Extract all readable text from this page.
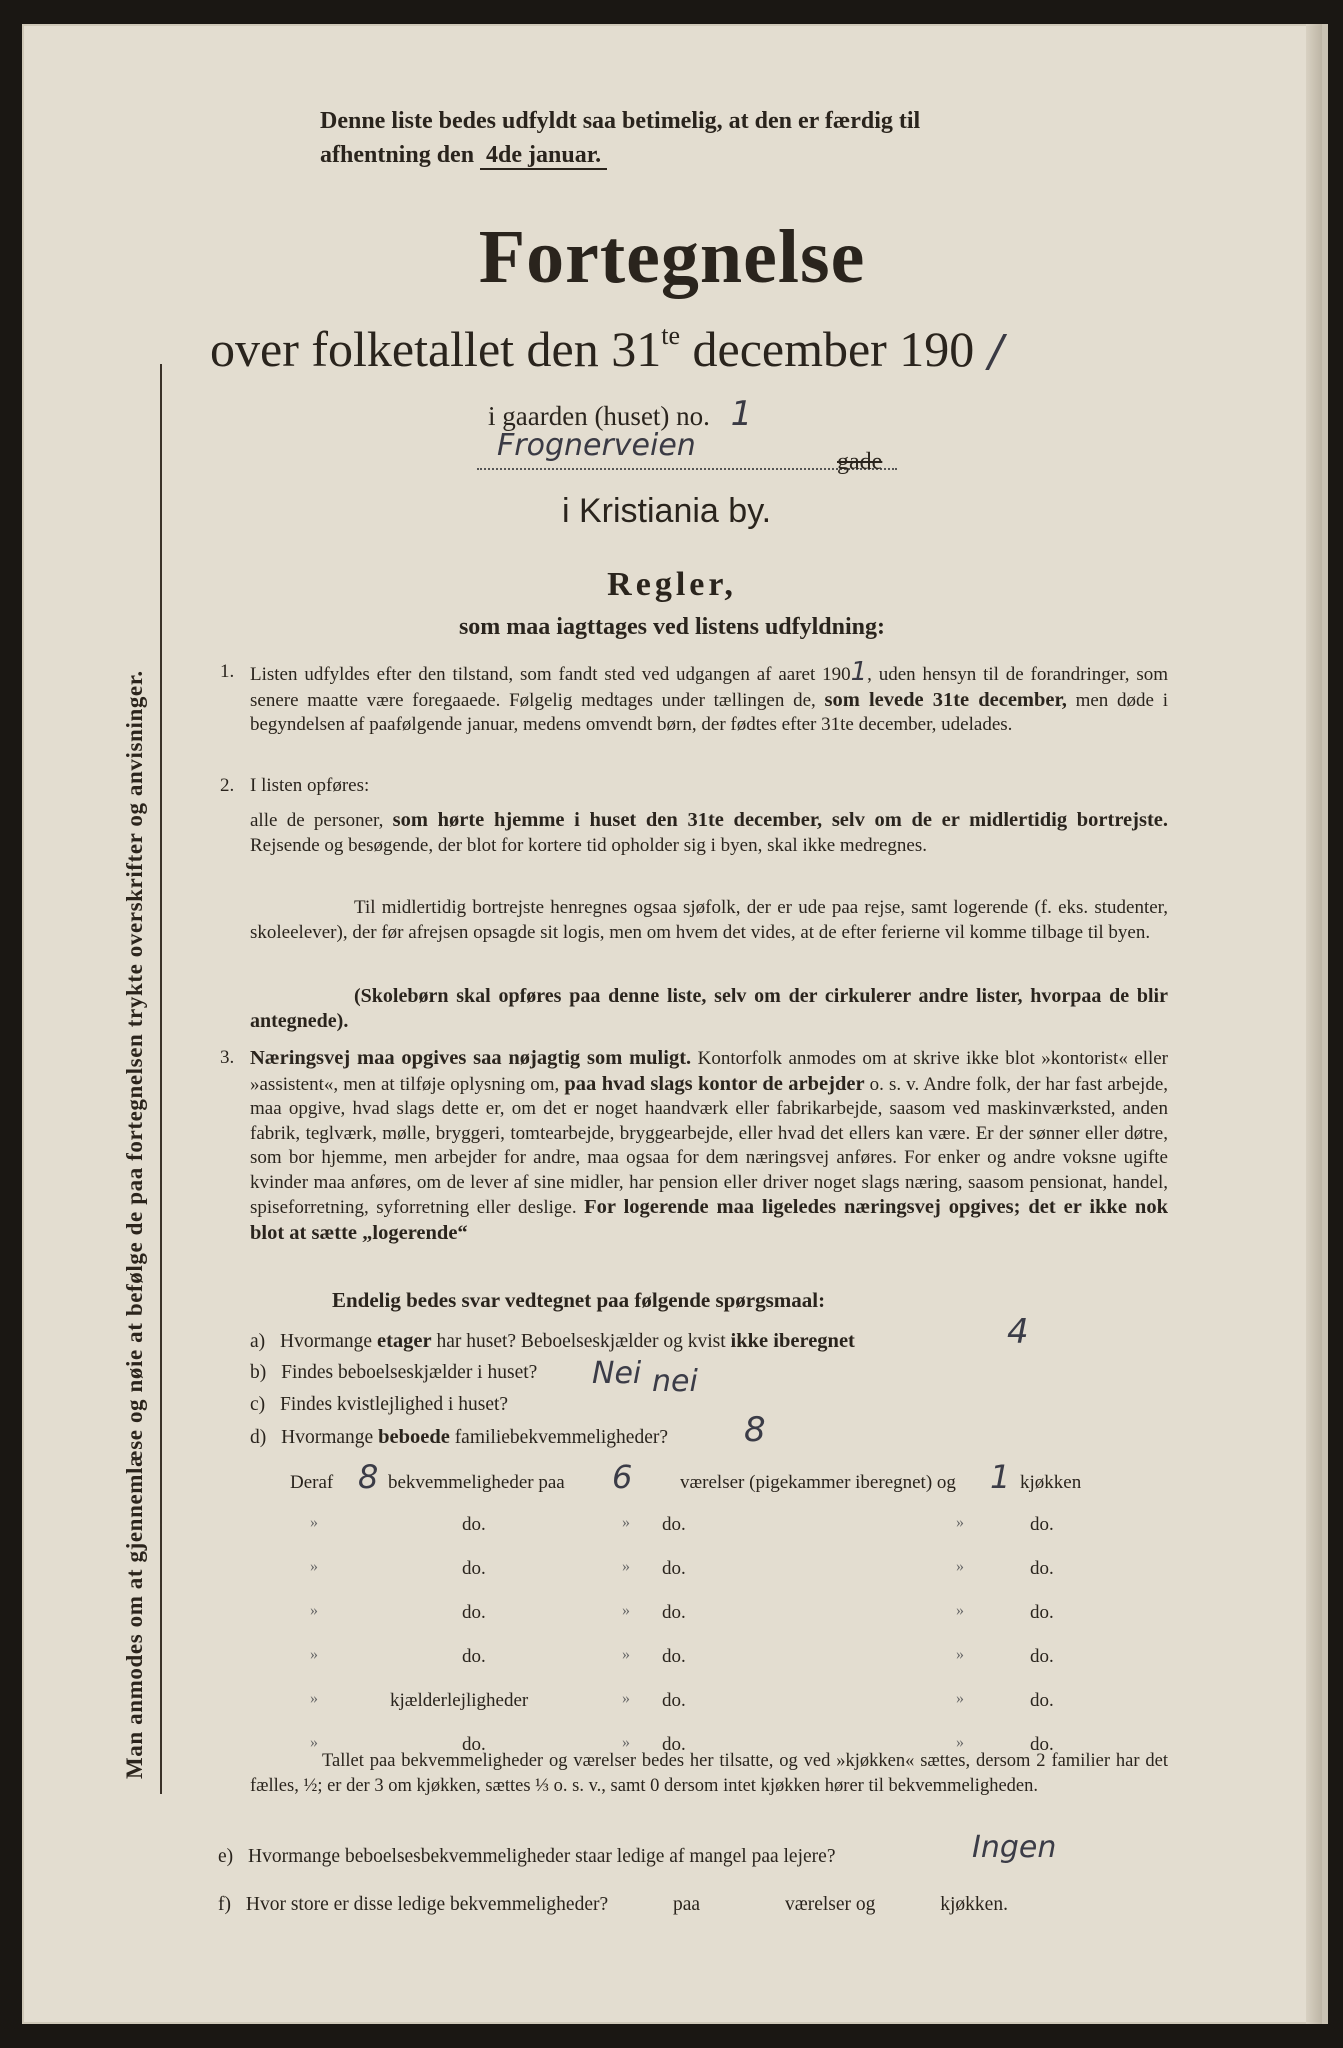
Man anmodes om at gjennemlæse og nøie at befølge de paa fortegnelsen trykte overskrifter og anvisninger.
Denne liste bedes udfyldt saa betimelig, at den er færdig til
afhentning den 4de januar.
Fortegnelse
over folketallet den $31^{te}$ december 190 /
i gaarden (huset) no. 1
Frognerveien	gade
i Kristiania by.
Regler,
som maa iagttages ved listens udfyldning:
1. Listen udfyldes efter den tilstand, som fandt sted ved udgangen af aaret 1901, uden hensyn til de forandringer, som senere maatte være foregaaede. Følgelig medtages under tællingen de, som levede 31te december, men døde i begyndelsen af paafølgende januar, medens omvendt børn, der fødtes efter 31te december, udelades.
2. I listen opføres:
alle de personer, som hørte hjemme i huset den 31te december, selv om de er midlertidig bortrejste. Rejsende og besøgende, der blot for kortere tid opholder sig i byen, skal ikke medregnes.
Til midlertidig bortrejste henregnes ogsaa sjøfolk, der er ude paa rejse, samt logerende (f. eks. studenter, skoleelever), der før afrejsen opsagde sit logis, men om hvem det vides, at de efter ferierne vil komme tilbage til byen.
(Skolebørn skal opføres paa denne liste, selv om der cirkulerer andre lister, hvorpaa de blir antegnede).
3. Næringsvej maa opgives saa nøjagtig som muligt. Kontorfolk anmodes om at skrive ikke blot »kontorist« eller »assistent«, men at tilføje oplysning om, paa hvad slags kontor de arbejder o. s. v. Andre folk, der har fast arbejde, maa opgive, hvad slags dette er, om det er noget haandværk eller fabrikarbejde, saasom ved maskinværksted, anden fabrik, teglværk, mølle, bryggeri, tomtearbejde, bryggearbejde, eller hvad det ellers kan være. Er der sønner eller døtre, som bor hjemme, men arbejder for andre, maa ogsaa for dem næringsvej anføres. For enker og andre voksne ugifte kvinder maa anføres, om de lever af sine midler, har pension eller driver noget slags næring, saasom pensionat, handel, spiseforretning, syforretning eller deslige. For logerende maa ligeledes næringsvej opgives; det er ikke nok blot at sætte „logerende“
Endelig bedes svar vedtegnet paa følgende spørgsmaal:
a) Hvormange etager har huset? Beboelseskjælder og kvist ikke iberegnet	4
b) Findes beboelseskjælder i huset? Nei
c) Findes kvistlejlighed i huset?
nei
d) Hvormange beboede familiebekvemmeligheder? 8
Deraf 8 bekvemmeligheder paa 6	værelser (pigekammer iberegnet) og 1 kjøkken
»	do.	» do.	»	do.
»	do.	» do.	»	do.
»	do.	» do.	»	do.
»	do.	» do.	»	do.
»	kjælderlejligheder	» do.	»	do.
»	do.	» do.	»	do.
Tallet paa bekvemmeligheder og værelser bedes her tilsatte, og ved »kjøkken« sættes, dersom 2 familier har det fælles, ½; er der 3 om kjøkken, sættes ⅓ o. s. v., samt 0 dersom intet kjøkken hører til bekvemmeligheden.
e) Hvormange beboelsesbekvemmeligheder staar ledige af mangel paa lejere?	Ingen
f) Hvor store er disse ledige bekvemmeligheder?	paa	værelser og	kjøkken.
